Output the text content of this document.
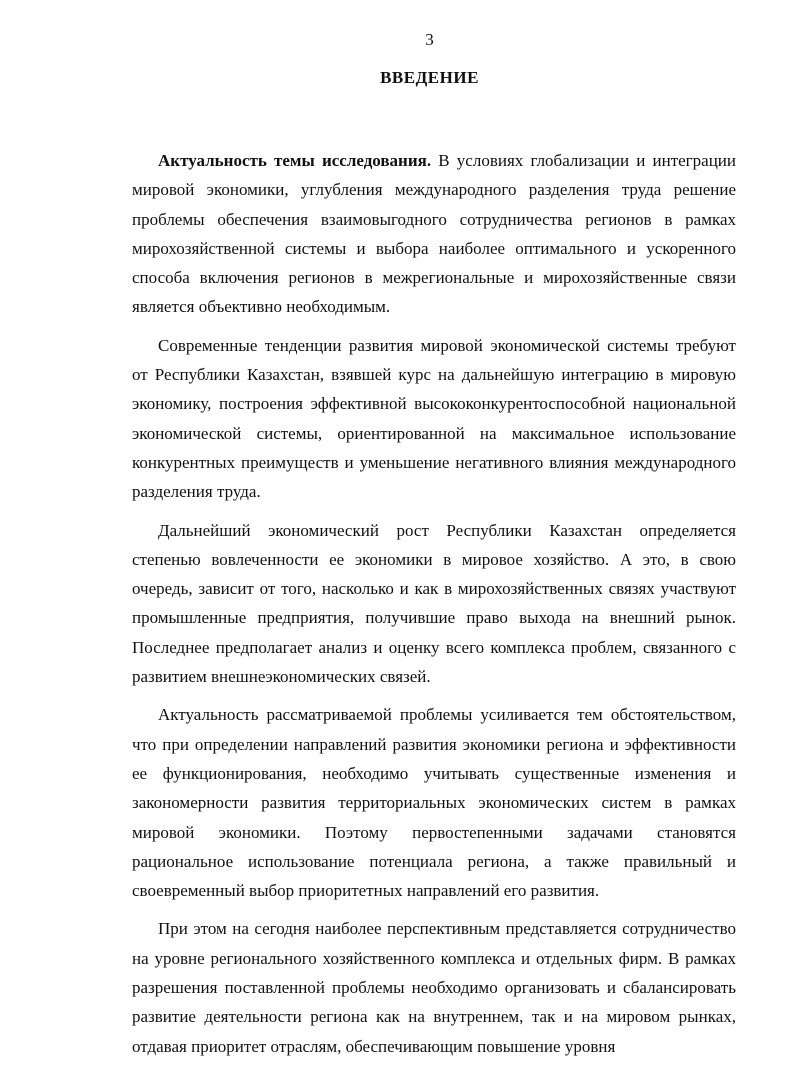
3
ВВЕДЕНИЕ

Актуальность темы исследования. В условиях глобализации и интеграции мировой экономики, углубления международного разделения труда решение проблемы обеспечения взаимовыгодного сотрудничества регионов в рамках мирохозяйственной системы и выбора наиболее оптимального и ускоренного способа включения регионов в межрегиональные и мирохозяйственные связи является объективно необходимым.

Современные тенденции развития мировой экономической системы требуют от Республики Казахстан, взявшей курс на дальнейшую интеграцию в мировую экономику, построения эффективной высококонкурентоспособной национальной экономической системы, ориентированной на максимальное использование конкурентных преимуществ и уменьшение негативного влияния международного разделения труда.

Дальнейший экономический рост Республики Казахстан определяется степенью вовлеченности ее экономики в мировое хозяйство. А это, в свою очередь, зависит от того, насколько и как в мирохозяйственных связях участвуют промышленные предприятия, получившие право выхода на внешний рынок. Последнее предполагает анализ и оценку всего комплекса проблем, связанного с развитием внешнеэкономических связей.

Актуальность рассматриваемой проблемы усиливается тем обстоятельством, что при определении направлений развития экономики региона и эффективности ее функционирования, необходимо учитывать существенные изменения и закономерности развития территориальных экономических систем в рамках мировой экономики. Поэтому первостепенными задачами становятся рациональное использование потенциала региона, а также правильный и своевременный выбор приоритетных направлений его развития.

При этом на сегодня наиболее перспективным представляется сотрудничество на уровне регионального хозяйственного комплекса и отдельных фирм. В рамках разрешения поставленной проблемы необходимо организовать и сбалансировать развитие деятельности региона как на внутреннем, так и на мировом рынках, отдавая приоритет отраслям, обеспечивающим повышение уровня
